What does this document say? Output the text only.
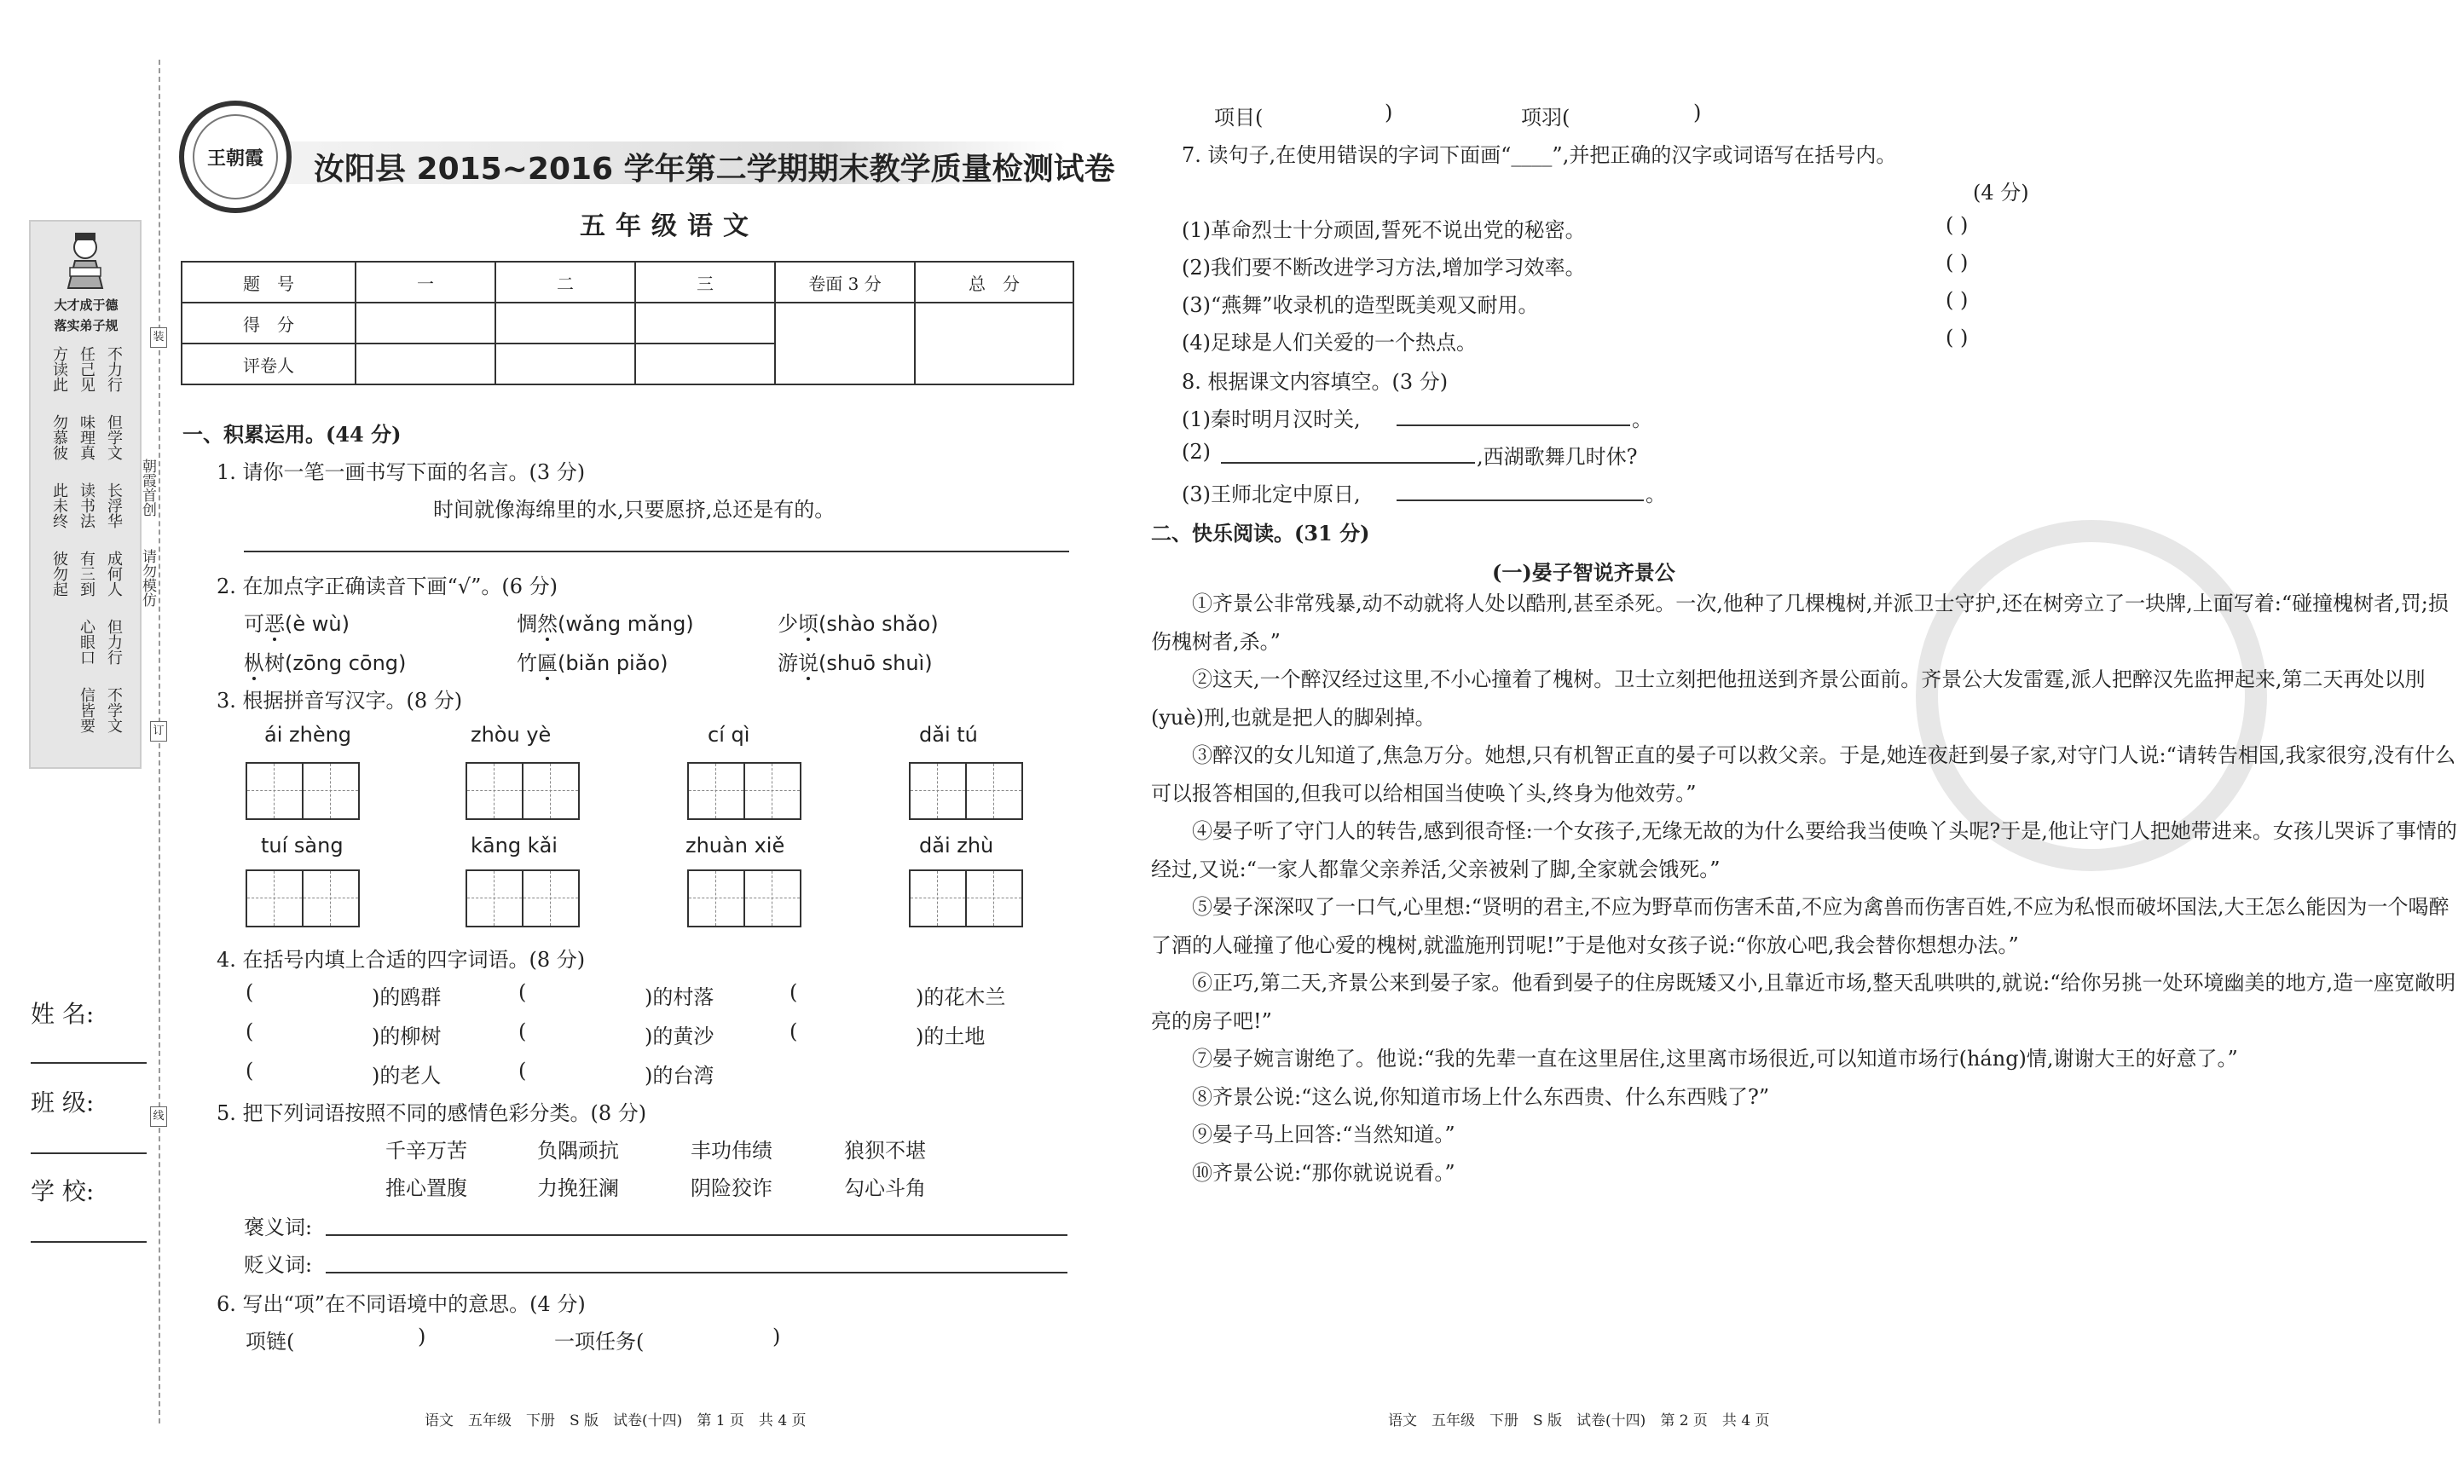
大才成于德
落实弟子规
方读此
勿慕彼
此未终
彼勿起
任己见
味理真
读书法
有三到
心眼口
信皆要
不力行
但学文
长浮华
成何人
但力行
不学文
装
订
线
朝霞首创
请勿模仿
姓 名:
班 级:
学 校:
王朝霞	汝阳县 2015~2016 学年第二学期期末教学质量检测试卷
五年级语文
题　号	一	二	三	卷面 3 分	总　分
得　分					
评卷人					
一、积累运用。(44 分)
1. 请你一笔一画书写下面的名言。(3 分)
时间就像海绵里的水,只要愿挤,总还是有的。
2. 在加点字正确读音下画“√”。(6 分)
可恶(è wù)	惆然(wǎng mǎng)	少顷(shào shǎo)
枞树(zōng cōng)	竹匾(biǎn piǎo)	游说(shuō shuì)
3. 根据拼音写汉字。(8 分)
ái zhèng	zhòu yè	cí qì	dǎi tú
tuí sàng	kāng kǎi	zhuàn xiě	dǎi zhù
4. 在括号内填上合适的四字词语。(8 分)
(	)的鸥群	(	)的村落	(	)的花木兰
(	)的柳树	(	)的黄沙	(	)的土地
(	)的老人	(	)的台湾
5. 把下列词语按照不同的感情色彩分类。(8 分)
千辛万苦	负隅顽抗	丰功伟绩	狼狈不堪
推心置腹	力挽狂澜	阴险狡诈	勾心斗角
褒义词:
贬义词:
6. 写出“项”在不同语境中的意思。(4 分)
项链(	)	一项任务(	)
语文　五年级　下册　S 版　试卷(十四)　第 1 页　共 4 页
项目(	)	项羽(	)
7. 读句子,在使用错误的字词下面画“____”,并把正确的汉字或词语写在括号内。
(4 分)
(1)革命烈士十分顽固,誓死不说出党的秘密。	( )
(2)我们要不断改进学习方法,增加学习效率。	( )
(3)“燕舞”收录机的造型既美观又耐用。	( )
(4)足球是人们关爱的一个热点。	( )
8. 根据课文内容填空。(3 分)
(1)秦时明月汉时关,	。
(2)	,西湖歌舞几时休?
(3)王师北定中原日,	。
二、快乐阅读。(31 分)
(一)晏子智说齐景公
①齐景公非常残暴,动不动就将人处以酷刑,甚至杀死。一次,他种了几棵槐树,并派卫士守护,还在树旁立了一块牌,上面写着:“碰撞槐树者,罚;损伤槐树者,杀。”
②这天,一个醉汉经过这里,不小心撞着了槐树。卫士立刻把他扭送到齐景公面前。齐景公大发雷霆,派人把醉汉先监押起来,第二天再处以刖(yuè)刑,也就是把人的脚剁掉。
③醉汉的女儿知道了,焦急万分。她想,只有机智正直的晏子可以救父亲。于是,她连夜赶到晏子家,对守门人说:“请转告相国,我家很穷,没有什么可以报答相国的,但我可以给相国当使唤丫头,终身为他效劳。”
④晏子听了守门人的转告,感到很奇怪:一个女孩子,无缘无故的为什么要给我当使唤丫头呢?于是,他让守门人把她带进来。女孩儿哭诉了事情的经过,又说:“一家人都靠父亲养活,父亲被剁了脚,全家就会饿死。”
⑤晏子深深叹了一口气,心里想:“贤明的君主,不应为野草而伤害禾苗,不应为禽兽而伤害百姓,不应为私恨而破坏国法,大王怎么能因为一个喝醉了酒的人碰撞了他心爱的槐树,就滥施刑罚呢!”于是他对女孩子说:“你放心吧,我会替你想想办法。”
⑥正巧,第二天,齐景公来到晏子家。他看到晏子的住房既矮又小,且靠近市场,整天乱哄哄的,就说:“给你另挑一处环境幽美的地方,造一座宽敞明亮的房子吧!”
⑦晏子婉言谢绝了。他说:“我的先辈一直在这里居住,这里离市场很近,可以知道市场行(háng)情,谢谢大王的好意了。”
⑧齐景公说:“这么说,你知道市场上什么东西贵、什么东西贱了?”
⑨晏子马上回答:“当然知道。”
⑩齐景公说:“那你就说说看。”
语文　五年级　下册　S 版　试卷(十四)　第 2 页　共 4 页
